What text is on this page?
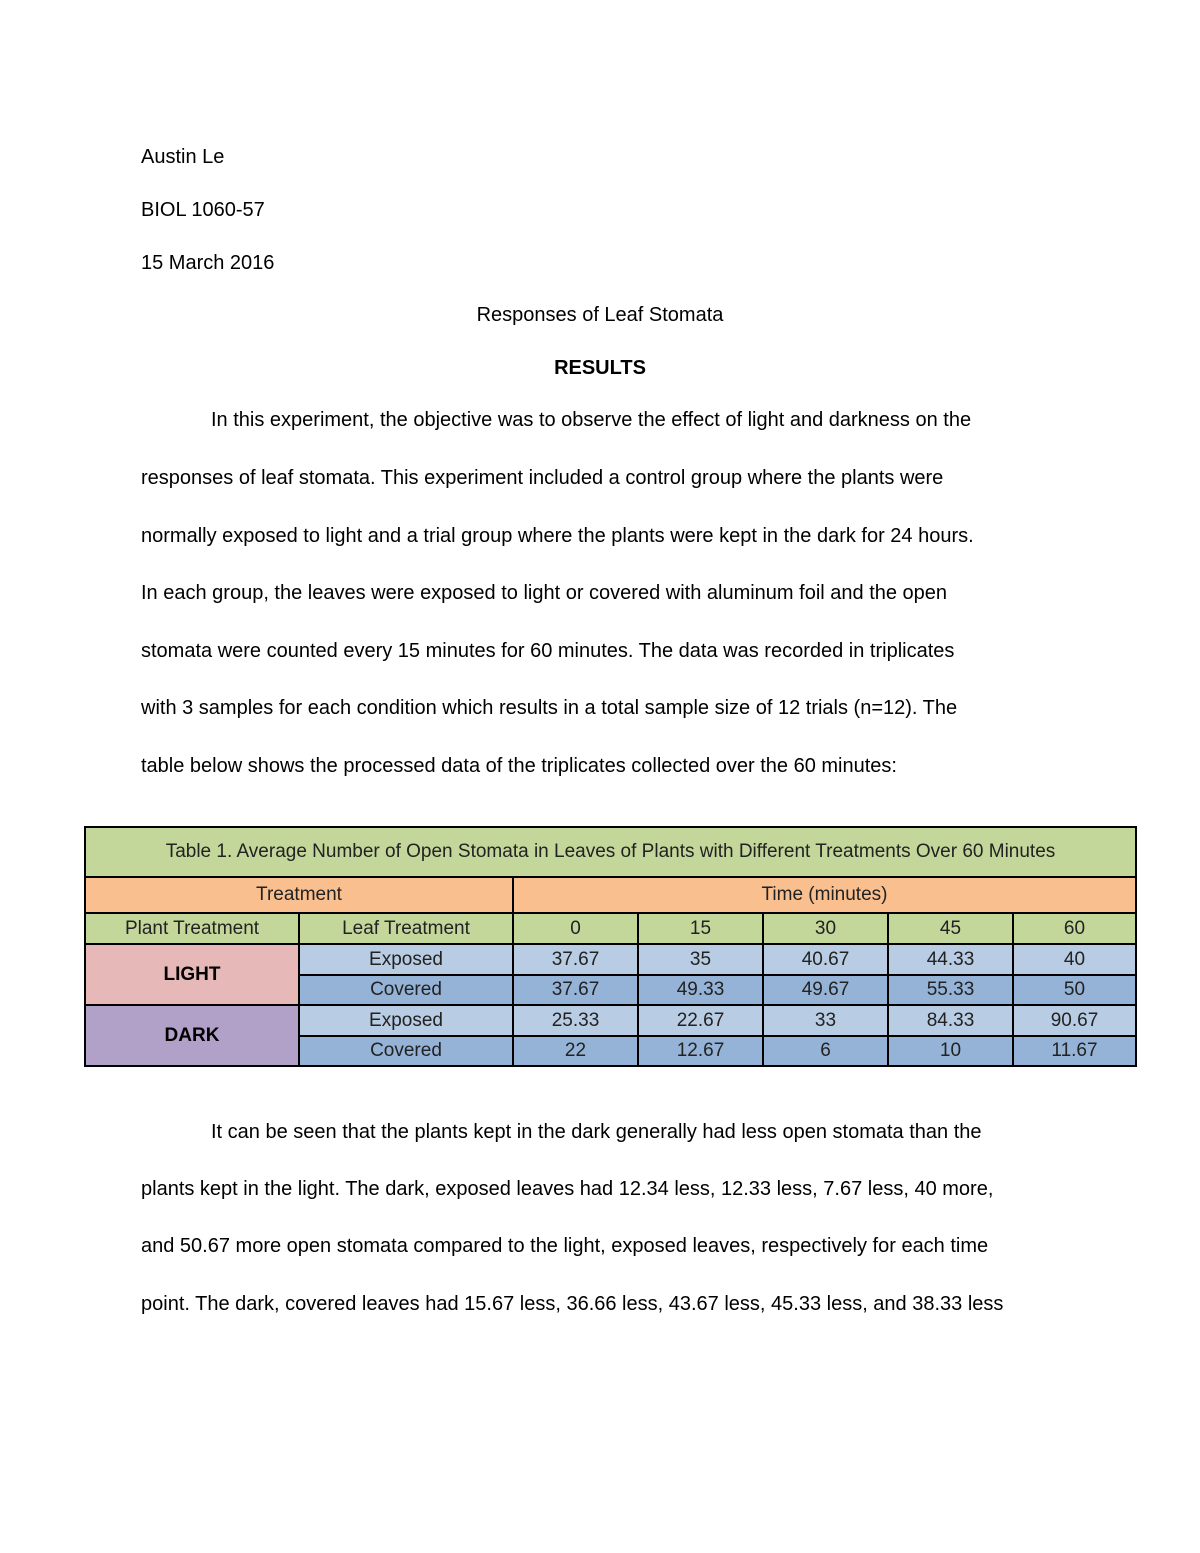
Austin Le
BIOL 1060-57
15 March 2016
Responses of Leaf Stomata
RESULTS
In this experiment, the objective was to observe the effect of light and darkness on the
responses of leaf stomata. This experiment included a control group where the plants were
normally exposed to light and a trial group where the plants were kept in the dark for 24 hours.
In each group, the leaves were exposed to light or covered with aluminum foil and the open
stomata were counted every 15 minutes for 60 minutes. The data was recorded in triplicates
with 3 samples for each condition which results in a total sample size of 12 trials (n=12). The
table below shows the processed data of the triplicates collected over the 60 minutes:
Table 1. Average Number of Open Stomata in Leaves of Plants with Different Treatments Over 60 Minutes
Treatment	Time (minutes)
Plant Treatment	Leaf Treatment	0	15	30	45	60
LIGHT
Exposed	37.67	35	40.67	44.33	40
Covered	37.67	49.33	49.67	55.33	50
DARK
Exposed	25.33	22.67	33	84.33	90.67
Covered	22	12.67	6	10	11.67
It can be seen that the plants kept in the dark generally had less open stomata than the
plants kept in the light. The dark, exposed leaves had 12.34 less, 12.33 less, 7.67 less, 40 more,
and 50.67 more open stomata compared to the light, exposed leaves, respectively for each time
point. The dark, covered leaves had 15.67 less, 36.66 less, 43.67 less, 45.33 less, and 38.33 less
